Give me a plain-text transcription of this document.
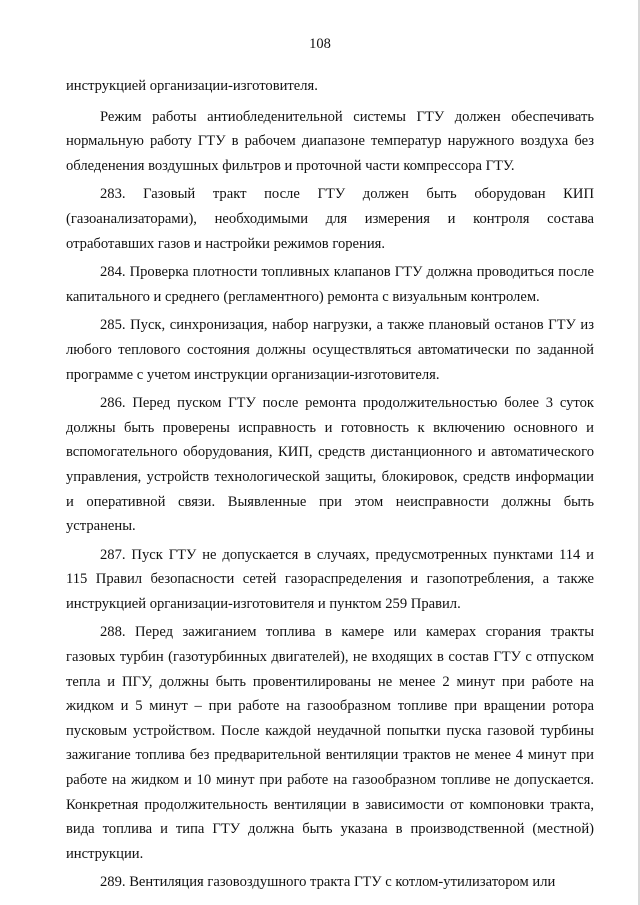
108

инструкцией организации-изготовителя.

Режим работы антиобледенительной системы ГТУ должен обеспечивать нормальную работу ГТУ в рабочем диапазоне температур наружного воздуха без обледенения воздушных фильтров и проточной части компрессора ГТУ.

283. Газовый тракт после ГТУ должен быть оборудован КИП (газоанализаторами), необходимыми для измерения и контроля состава отработавших газов и настройки режимов горения.

284. Проверка плотности топливных клапанов ГТУ должна проводиться после капитального и среднего (регламентного) ремонта с визуальным контролем.

285. Пуск, синхронизация, набор нагрузки, а также плановый останов ГТУ из любого теплового состояния должны осуществляться автоматически по заданной программе с учетом инструкции организации-изготовителя.

286. Перед пуском ГТУ после ремонта продолжительностью более 3 суток должны быть проверены исправность и готовность к включению основного и вспомогательного оборудования, КИП, средств дистанционного и автоматического управления, устройств технологической защиты, блокировок, средств информации и оперативной связи. Выявленные при этом неисправности должны быть устранены.

287. Пуск ГТУ не допускается в случаях, предусмотренных пунктами 114 и 115 Правил безопасности сетей газораспределения и газопотребления, а также инструкцией организации-изготовителя и пунктом 259 Правил.

288. Перед зажиганием топлива в камере или камерах сгорания тракты газовых турбин (газотурбинных двигателей), не входящих в состав ГТУ с отпуском тепла и ПГУ, должны быть провентилированы не менее 2 минут при работе на жидком и 5 минут – при работе на газообразном топливе при вращении ротора пусковым устройством. После каждой неудачной попытки пуска газовой турбины зажигание топлива без предварительной вентиляции трактов не менее 4 минут при работе на жидком и 10 минут при работе на газообразном топливе не допускается. Конкретная продолжительность вентиляции в зависимости от компоновки тракта, вида топлива и типа ГТУ должна быть указана в производственной (местной) инструкции.

289. Вентиляция газовоздушного тракта ГТУ с котлом-утилизатором или
